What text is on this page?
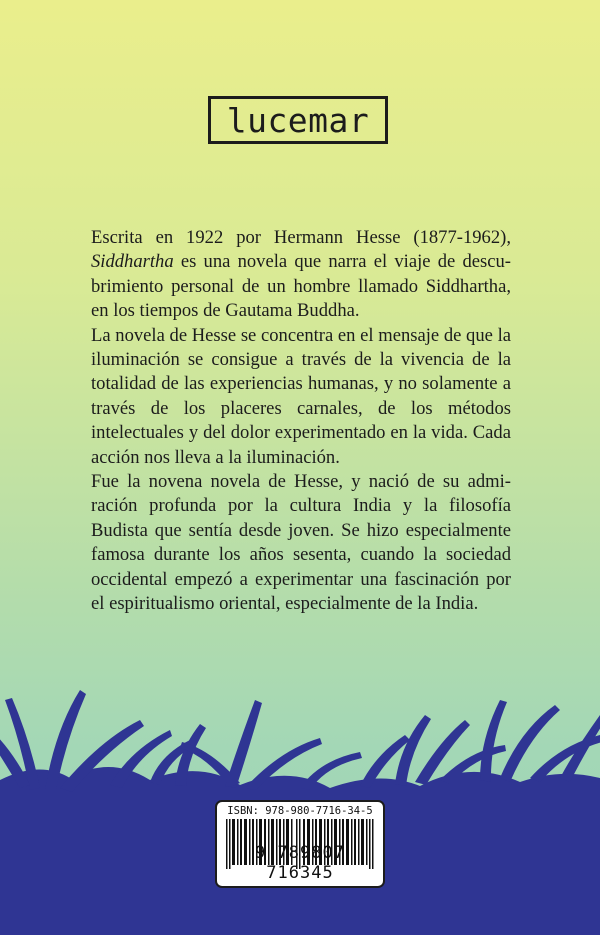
lucemar

Escrita en 1922 por Hermann Hesse (1877-1962), Siddhartha es una novela que narra el viaje de descubrimiento personal de un hombre llamado Siddhartha, en los tiempos de Gautama Buddha.

La novela de Hesse se concentra en el mensaje de que la iluminación se consigue a través de la vivencia de la totalidad de las experiencias humanas, y no solamente a través de los placeres carnales, de los métodos intelectuales y del dolor experimentado en la vida. Cada acción nos lleva a la iluminación.

Fue la novena novela de Hesse, y nació de su admiración profunda por la cultura India y la filosofía Budista que sentía desde joven. Se hizo especialmente famosa durante los años sesenta, cuando la sociedad occidental empezó a experimentar una fascinación por el espiritualismo oriental, especialmente de la India.

ISBN: 978-980-7716-34-5
9 789807 716345
